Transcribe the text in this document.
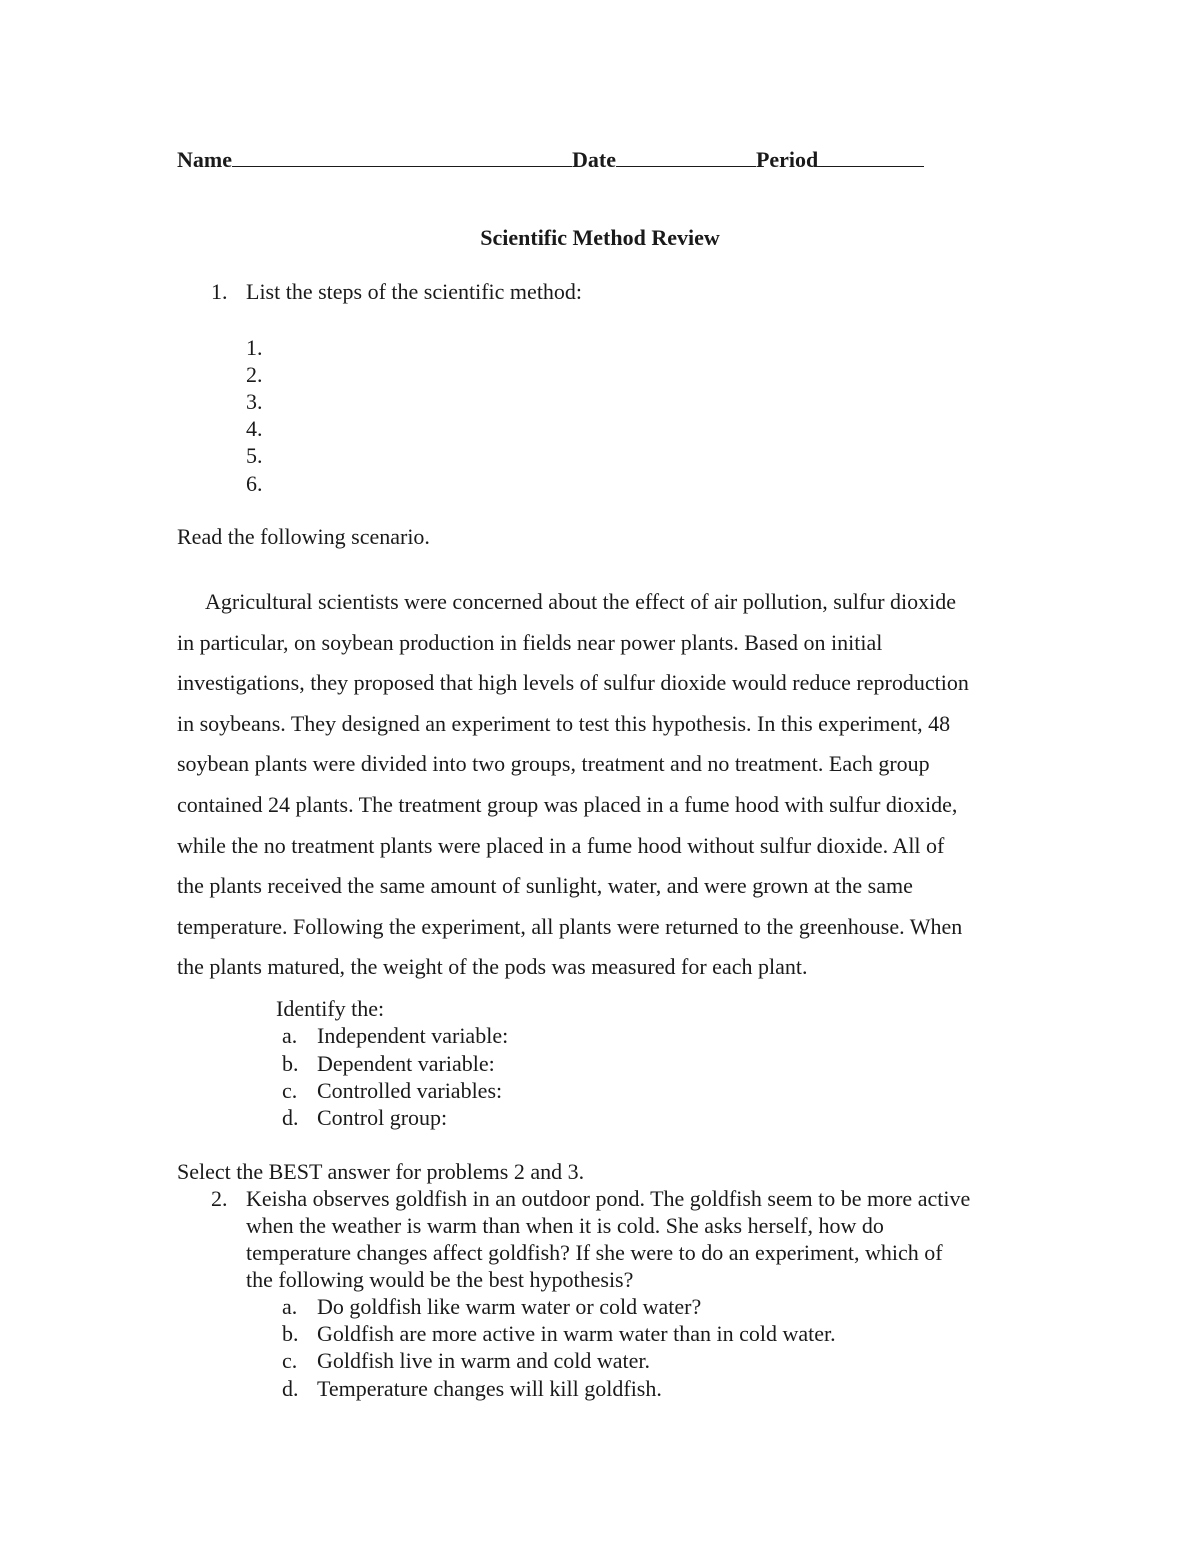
Name	Date	Period
Scientific Method Review
1. List the steps of the scientific method:
1.
2.
3.
4.
5.
6.
Read the following scenario.

Agricultural scientists were concerned about the effect of air pollution, sulfur dioxide

in particular, on soybean production in fields near power plants. Based on initial

investigations, they proposed that high levels of sulfur dioxide would reduce reproduction

in soybeans. They designed an experiment to test this hypothesis. In this experiment, 48

soybean plants were divided into two groups, treatment and no treatment. Each group

contained 24 plants. The treatment group was placed in a fume hood with sulfur dioxide,

while the no treatment plants were placed in a fume hood without sulfur dioxide. All of

the plants received the same amount of sunlight, water, and were grown at the same

temperature. Following the experiment, all plants were returned to the greenhouse. When

the plants matured, the weight of the pods was measured for each plant.

Identify the:
a. Independent variable:
b. Dependent variable:
c. Controlled variables:
d. Control group:
Select the BEST answer for problems 2 and 3.
2. Keisha observes goldfish in an outdoor pond. The goldfish seem to be more active
when the weather is warm than when it is cold. She asks herself, how do
temperature changes affect goldfish? If she were to do an experiment, which of
the following would be the best hypothesis?
a. Do goldfish like warm water or cold water?
b. Goldfish are more active in warm water than in cold water.
c. Goldfish live in warm and cold water.
d. Temperature changes will kill goldfish.
